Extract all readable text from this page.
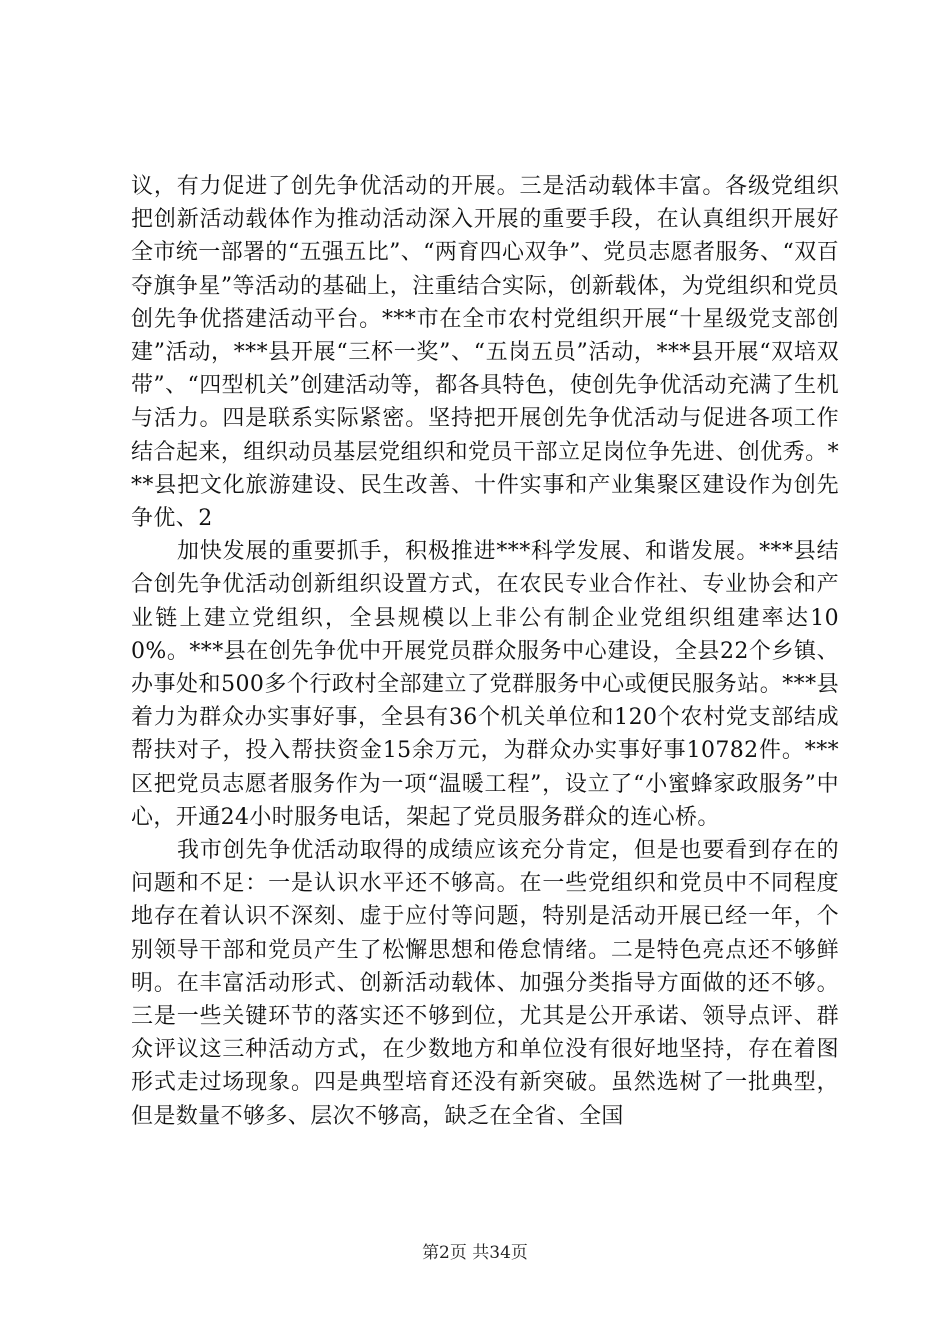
议，有力促进了创先争优活动的开展。三是活动载体丰富。各级党组织把创新活动载体作为推动活动深入开展的重要手段，在认真组织开展好全市统一部署的“五强五比”、“两育四心双争”、党员志愿者服务、“双百夺旗争星”等活动的基础上，注重结合实际，创新载体，为党组织和党员创先争优搭建活动平台。***市在全市农村党组织开展“十星级党支部创建”活动，***县开展“三杯一奖”、“五岗五员”活动，***县开展“双培双带”、“四型机关”创建活动等，都各具特色，使创先争优活动充满了生机与活力。四是联系实际紧密。坚持把开展创先争优活动与促进各项工作结合起来，组织动员基层党组织和党员干部立足岗位争先进、创优秀。***县把文化旅游建设、民生改善、十件实事和产业集聚区建设作为创先争优、2

加快发展的重要抓手，积极推进***科学发展、和谐发展。***县结合创先争优活动创新组织设置方式，在农民专业合作社、专业协会和产业链上建立党组织，全县规模以上非公有制企业党组织组建率达100%。***县在创先争优中开展党员群众服务中心建设，全县22个乡镇、办事处和500多个行政村全部建立了党群服务中心或便民服务站。***县着力为群众办实事好事，全县有36个机关单位和120个农村党支部结成帮扶对子，投入帮扶资金15余万元，为群众办实事好事10782件。***区把党员志愿者服务作为一项“温暖工程”，设立了“小蜜蜂家政服务”中心，开通24小时服务电话，架起了党员服务群众的连心桥。

我市创先争优活动取得的成绩应该充分肯定，但是也要看到存在的问题和不足：一是认识水平还不够高。在一些党组织和党员中不同程度地存在着认识不深刻、虚于应付等问题，特别是活动开展已经一年，个别领导干部和党员产生了松懈思想和倦怠情绪。二是特色亮点还不够鲜明。在丰富活动形式、创新活动载体、加强分类指导方面做的还不够。三是一些关键环节的落实还不够到位，尤其是公开承诺、领导点评、群众评议这三种活动方式，在少数地方和单位没有很好地坚持，存在着图形式走过场现象。四是典型培育还没有新突破。虽然选树了一批典型，但是数量不够多、层次不够高，缺乏在全省、全国

第2页 共34页
